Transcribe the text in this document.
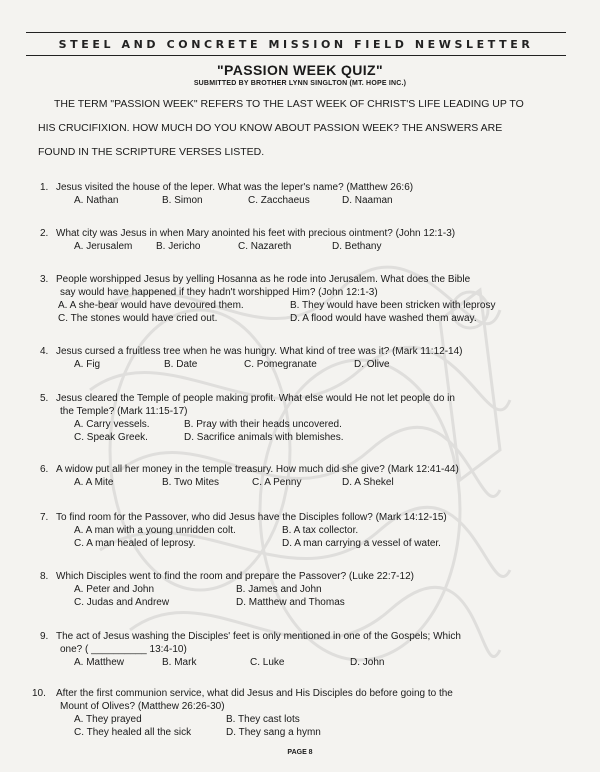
STEEL AND CONCRETE MISSION FIELD NEWSLETTER
"PASSION WEEK QUIZ"
SUBMITTED BY BROTHER LYNN SINGLTON (MT. HOPE INC.)
THE TERM "PASSION WEEK" REFERS TO THE LAST WEEK OF CHRIST'S LIFE LEADING UP TO
HIS CRUCIFIXION. HOW MUCH DO YOU KNOW ABOUT PASSION WEEK? THE ANSWERS ARE
FOUND IN THE SCRIPTURE VERSES LISTED.
1. Jesus visited the house of the leper. What was the leper's name? (Matthew 26:6)
A. Nathan	B. Simon	C. Zacchaeus	D. Naaman
2. What city was Jesus in when Mary anointed his feet with precious ointment? (John 12:1-3)
A. Jerusalem	B. Jericho	C. Nazareth	D. Bethany
3. People worshipped Jesus by yelling Hosanna as he rode into Jerusalem. What does the Bible
say would have happened if they hadn't worshipped Him? (John 12:1-3)
A. A she-bear would have devoured them.	B. They would have been stricken with leprosy
C. The stones would have cried out.	D. A flood would have washed them away.
4. Jesus cursed a fruitless tree when he was hungry. What kind of tree was it? (Mark 11:12-14)
A. Fig	B. Date	C. Pomegranate	D. Olive
5. Jesus cleared the Temple of people making profit. What else would He not let people do in
the Temple? (Mark 11:15-17)
A. Carry vessels.	B. Pray with their heads uncovered.
C. Speak Greek.	D. Sacrifice animals with blemishes.
6. A widow put all her money in the temple treasury. How much did she give? (Mark 12:41-44)
A. A Mite	B. Two Mites	C. A Penny	D. A Shekel
7. To find room for the Passover, who did Jesus have the Disciples follow? (Mark 14:12-15)
A. A man with a young unridden colt.	B. A tax collector.
C. A man healed of leprosy.	D. A man carrying a vessel of water.
8. Which Disciples went to find the room and prepare the Passover? (Luke 22:7-12)
A. Peter and John	B. James and John
C. Judas and Andrew	D. Matthew and Thomas
9. The act of Jesus washing the Disciples' feet is only mentioned in one of the Gospels; Which
one? ( __________ 13:4-10)
A. Matthew	B. Mark	C. Luke	D. John
10. After the first communion service, what did Jesus and His Disciples do before going to the
Mount of Olives? (Matthew 26:26-30)
A. They prayed	B. They cast lots
C. They healed all the sick	D. They sang a hymn
PAGE 8
